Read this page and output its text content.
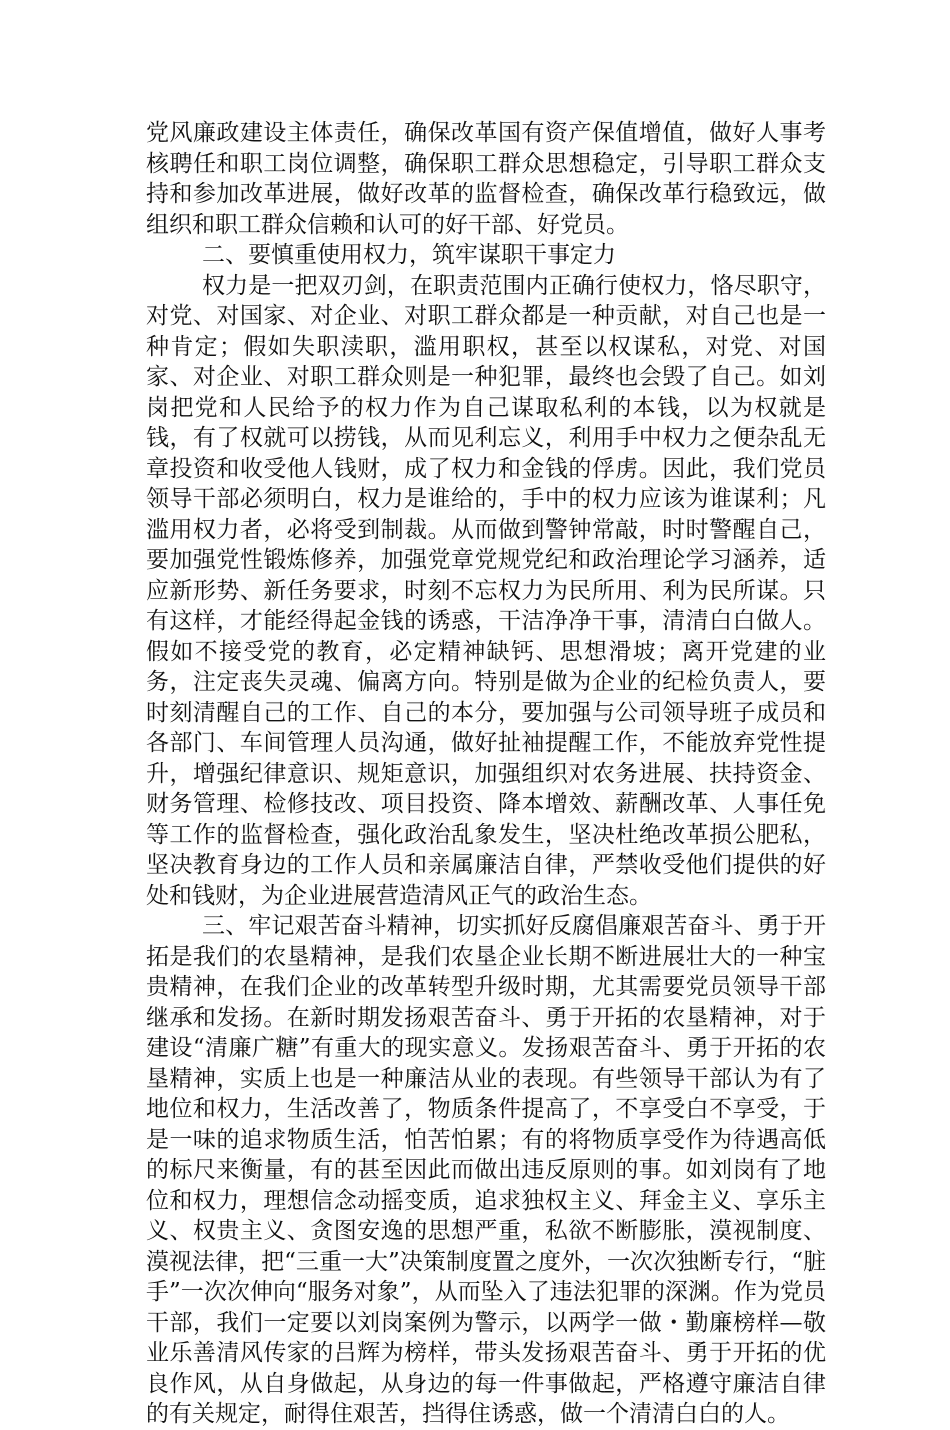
党风廉政建设主体责任，确保改革国有资产保值增值，做好人事考核聘任和职工岗位调整，确保职工群众思想稳定，引导职工群众支持和参加改革进展，做好改革的监督检查，确保改革行稳致远，做组织和职工群众信赖和认可的好干部、好党员。

二、要慎重使用权力，筑牢谋职干事定力

权力是一把双刃剑，在职责范围内正确行使权力，恪尽职守，对党、对国家、对企业、对职工群众都是一种贡献，对自己也是一种肯定；假如失职渎职，滥用职权，甚至以权谋私，对党、对国家、对企业、对职工群众则是一种犯罪，最终也会毁了自己。如刘岗把党和人民给予的权力作为自己谋取私利的本钱，以为权就是钱，有了权就可以捞钱，从而见利忘义，利用手中权力之便杂乱无章投资和收受他人钱财，成了权力和金钱的俘虏。因此，我们党员领导干部必须明白，权力是谁给的，手中的权力应该为谁谋利；凡滥用权力者，必将受到制裁。从而做到警钟常敲，时时警醒自己，要加强党性锻炼修养，加强党章党规党纪和政治理论学习涵养，适应新形势、新任务要求，时刻不忘权力为民所用、利为民所谋。只有这样，才能经得起金钱的诱惑，干洁净净干事，清清白白做人。假如不接受党的教育，必定精神缺钙、思想滑坡；离开党建的业务，注定丧失灵魂、偏离方向。特别是做为企业的纪检负责人，要时刻清醒自己的工作、自己的本分，要加强与公司领导班子成员和各部门、车间管理人员沟通，做好扯袖提醒工作，不能放弃党性提升，增强纪律意识、规矩意识，加强组织对农务进展、扶持资金、财务管理、检修技改、项目投资、降本增效、薪酬改革、人事任免等工作的监督检查，强化政治乱象发生，坚决杜绝改革损公肥私，坚决教育身边的工作人员和亲属廉洁自律，严禁收受他们提供的好处和钱财，为企业进展营造清风正气的政治生态。

三、牢记艰苦奋斗精神，切实抓好反腐倡廉艰苦奋斗、勇于开拓是我们的农垦精神，是我们农垦企业长期不断进展壮大的一种宝贵精神，在我们企业的改革转型升级时期，尤其需要党员领导干部继承和发扬。在新时期发扬艰苦奋斗、勇于开拓的农垦精神，对于建设“清廉广糖”有重大的现实意义。发扬艰苦奋斗、勇于开拓的农垦精神，实质上也是一种廉洁从业的表现。有些领导干部认为有了地位和权力，生活改善了，物质条件提高了，不享受白不享受，于是一味的追求物质生活，怕苦怕累；有的将物质享受作为待遇高低的标尺来衡量，有的甚至因此而做出违反原则的事。如刘岗有了地位和权力，理想信念动摇变质，追求独权主义、拜金主义、享乐主义、权贵主义、贪图安逸的思想严重，私欲不断膨胀，漠视制度、漠视法律，把“三重一大”决策制度置之度外，一次次独断专行，“脏手”一次次伸向“服务对象”，从而坠入了违法犯罪的深渊。作为党员干部，我们一定要以刘岗案例为警示，以两学一做・勤廉榜样—敬业乐善清风传家的吕辉为榜样，带头发扬艰苦奋斗、勇于开拓的优良作风，从自身做起，从身边的每一件事做起，严格遵守廉洁自律的有关规定，耐得住艰苦，挡得住诱惑，做一个清清白白的人。
